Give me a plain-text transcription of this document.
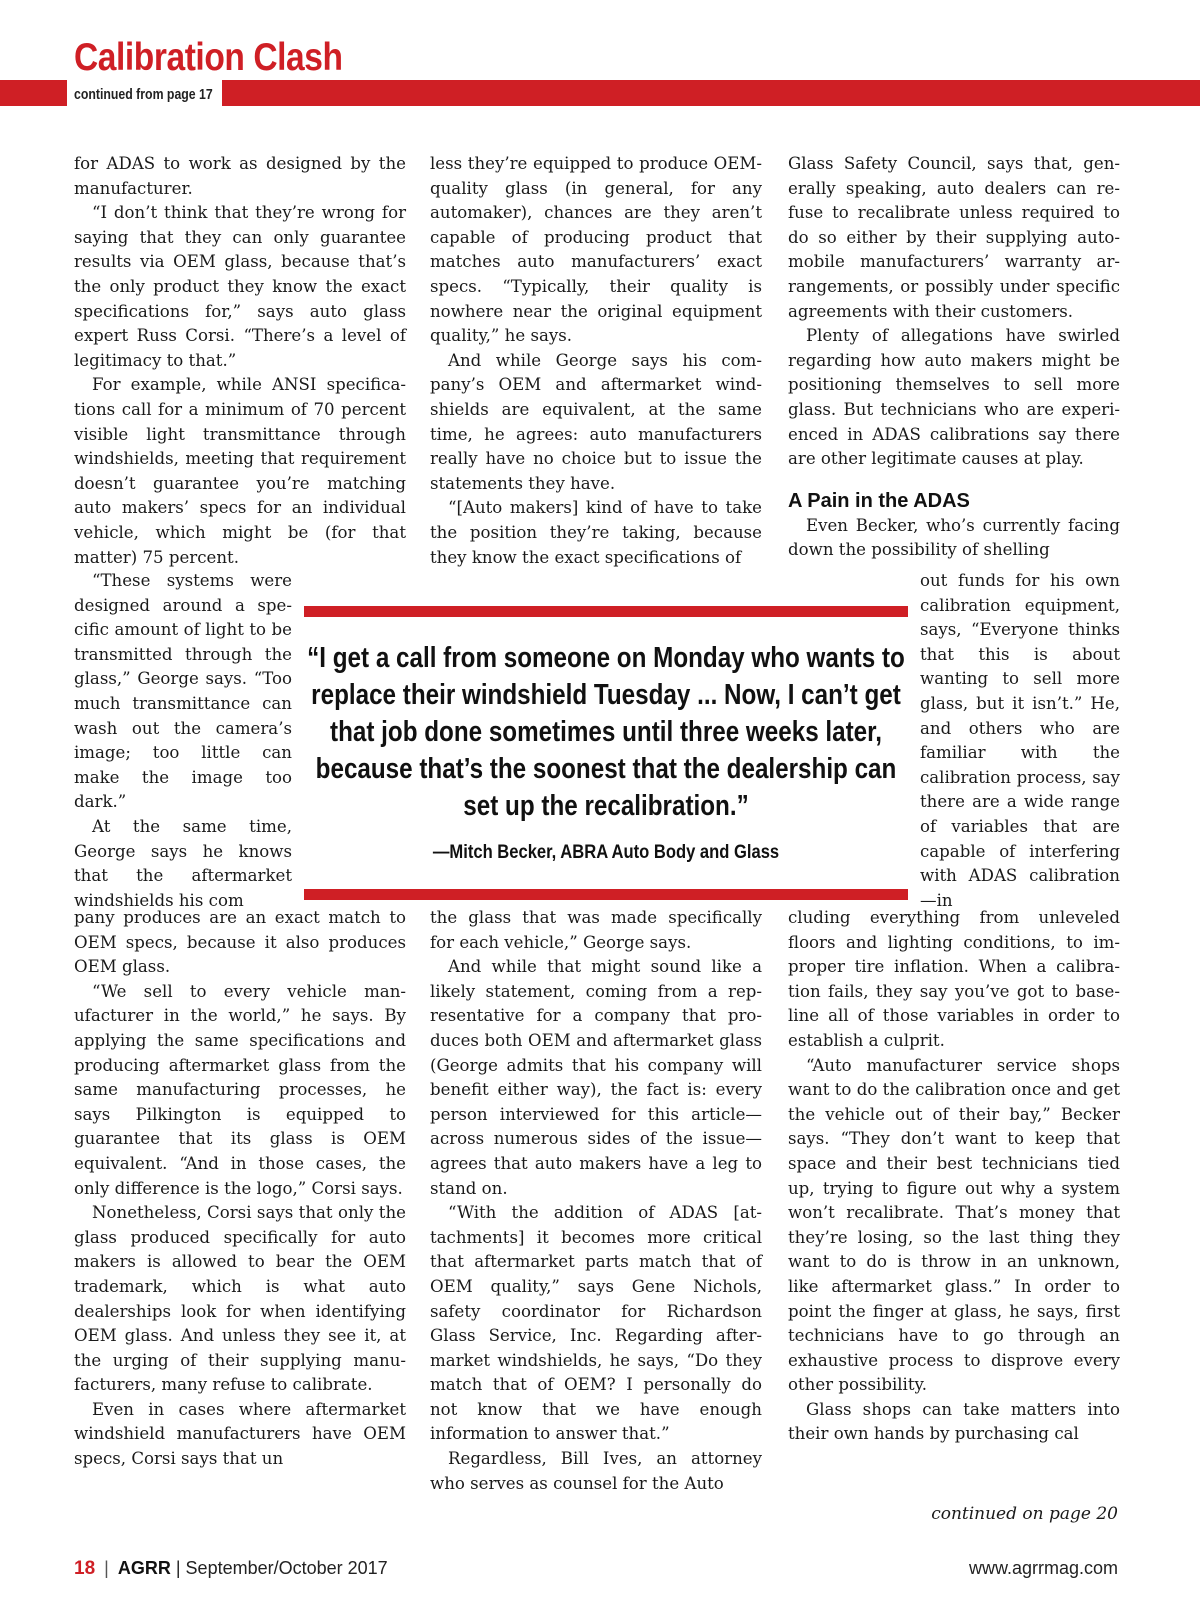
Calibration Clash
continued from page 17

for ADAS to work as designed by the manufacturer.

“I don’t think that they’re wrong for saying that they can only guarantee results via OEM glass, because that’s the only product they know the exact specifications for,” says auto glass expert Russ Corsi. “There’s a level of legitimacy to that.”

For example, while ANSI specifications call for a minimum of 70 percent visible light transmittance through windshields, meeting that requirement doesn’t guarantee you’re matching auto makers’ specs for an individual vehicle, which might be (for that matter) 75 percent.

“These systems were designed around a specific amount of light to be transmitted through the glass,” George says. “Too much transmittance can wash out the camera’s image; too little can make the image too dark.”

At the same time, George says he knows that the aftermarket windshields his com

pany produces are an exact match to OEM specs, because it also produces OEM glass.

“We sell to every vehicle manufacturer in the world,” he says. By applying the same specifications and producing aftermarket glass from the same manufacturing processes, he says Pilkington is equipped to guarantee that its glass is OEM equivalent. “And in those cases, the only difference is the logo,” Corsi says.

Nonetheless, Corsi says that only the glass produced specifically for auto makers is allowed to bear the OEM trademark, which is what auto dealerships look for when identifying OEM glass. And unless they see it, at the urging of their supplying manufacturers, many refuse to calibrate.

Even in cases where aftermarket windshield manufacturers have OEM specs, Corsi says that un

less they’re equipped to produce OEM-quality glass (in general, for any automaker), chances are they aren’t capable of producing product that matches auto manufacturers’ exact specs. “Typically, their quality is nowhere near the original equipment quality,” he says.

And while George says his company’s OEM and aftermarket windshields are equivalent, at the same time, he agrees: auto manufacturers really have no choice but to issue the statements they have.

“[Auto makers] kind of have to take the position they’re taking, because they know the exact specifications of

the glass that was made specifically for each vehicle,” George says.

And while that might sound like a likely statement, coming from a representative for a company that produces both OEM and aftermarket glass (George admits that his company will benefit either way), the fact is: every person interviewed for this article—across numerous sides of the issue—agrees that auto makers have a leg to stand on.

“With the addition of ADAS [attachments] it becomes more critical that aftermarket parts match that of OEM quality,” says Gene Nichols, safety coordinator for Richardson Glass Service, Inc. Regarding aftermarket windshields, he says, “Do they match that of OEM? I personally do not know that we have enough information to answer that.”

Regardless, Bill Ives, an attorney who serves as counsel for the Auto

Glass Safety Council, says that, generally speaking, auto dealers can refuse to recalibrate unless required to do so either by their supplying automobile manufacturers’ warranty arrangements, or possibly under specific agreements with their customers.

Plenty of allegations have swirled regarding how auto makers might be positioning themselves to sell more glass. But technicians who are experienced in ADAS calibrations say there are other legitimate causes at play.

A Pain in the ADAS

Even Becker, who’s currently facing down the possibility of shelling

out funds for his own calibration equipment, says, “Everyone thinks that this is about wanting to sell more glass, but it isn’t.” He, and others who are familiar with the calibration process, say there are a wide range of variables that are capable of interfering with ADAS calibration—in

cluding everything from unleveled floors and lighting conditions, to improper tire inflation. When a calibration fails, they say you’ve got to baseline all of those variables in order to establish a culprit.

“Auto manufacturer service shops want to do the calibration once and get the vehicle out of their bay,” Becker says. “They don’t want to keep that space and their best technicians tied up, trying to figure out why a system won’t recalibrate. That’s money that they’re losing, so the last thing they want to do is throw in an unknown, like aftermarket glass.” In order to point the finger at glass, he says, first technicians have to go through an exhaustive process to disprove every other possibility.

Glass shops can take matters into their own hands by purchasing cal

“I get a call from someone on Monday who wants to replace their windshield Tuesday ... Now, I can’t get that job done sometimes until three weeks later, because that’s the soonest that the dealership can set up the recalibration.”
—Mitch Becker, ABRA Auto Body and Glass
continued on page 20
18 | AGRR | September/October 2017	www.agrrmag.com
